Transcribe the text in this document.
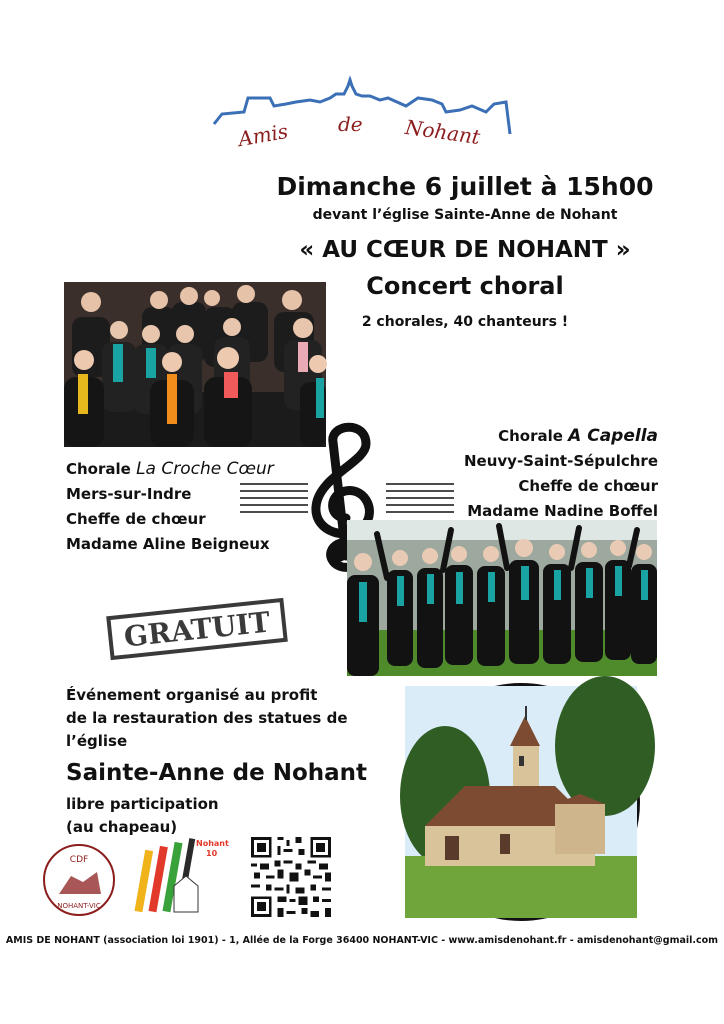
Amis de Nohant
Dimanche 6 juillet à 15h00
devant l’église Sainte-Anne de Nohant
« AU CŒUR DE NOHANT »
Concert choral
2 chorales, 40 chanteurs !

Chorale La Croche Cœur

Mers-sur-Indre

Cheffe de chœur

Madame Aline Beigneux

Chorale A Capella

Neuvy-Saint-Sépulchre

Cheffe de chœur

Madame Nadine Boffel

GRATUIT

Événement organisé au profit

de la restauration des statues de l’église

Sainte-Anne de Nohant

libre participation

(au chapeau)

CDF
NOHANT-VIC
Nohant
10
AMIS DE NOHANT (association loi 1901) - 1, Allée de la Forge 36400 NOHANT-VIC - www.amisdenohant.fr - amisdenohant@gmail.com
